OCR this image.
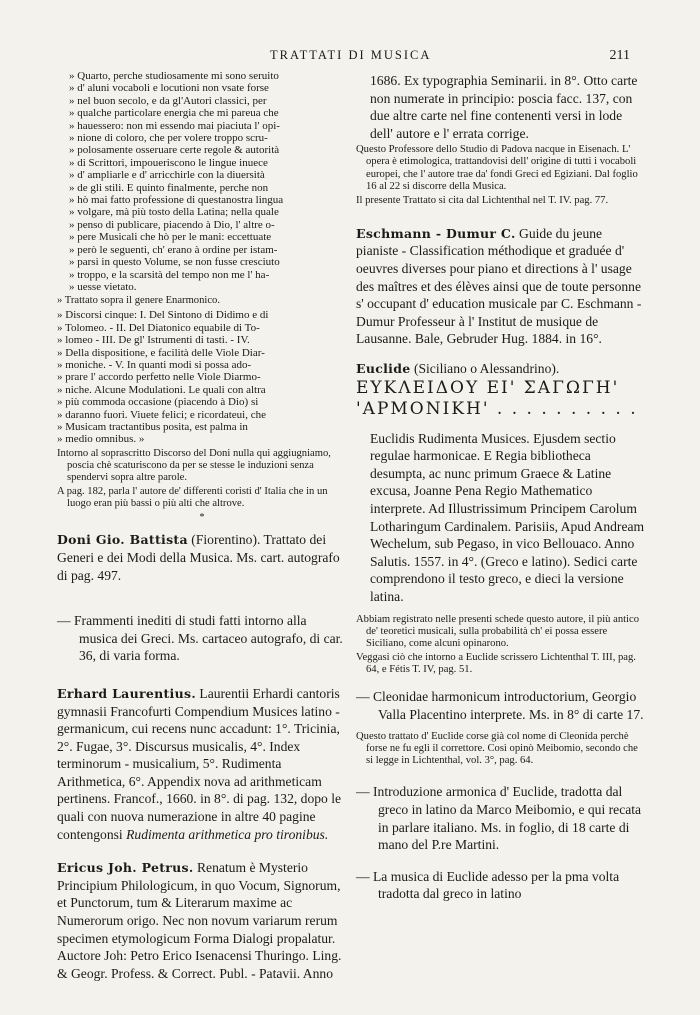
TRATTATI DI MUSICA	211
» Quarto, perche studiosamente mi sono seruito
» d' aluni vocaboli e locutioni non vsate forse
» nel buon secolo, e da gl'Autori classici, per
» qualche particolare energia che mi pareua che
» hauessero: non mi essendo mai piaciuta l' opi-
» nione di coloro, che per volere troppo scru-
» polosamente osseruare certe regole & autorità
» di Scrittori, impoueriscono le lingue inuece
» d' ampliarle e d' arricchirle con la diuersità
» de gli stili. E quinto finalmente, perche non
» hò mai fatto professione di questanostra lingua
» volgare, mà più tosto della Latina; nella quale
» penso di publicare, piacendo à Dio, l' altre o-
» pere Musicali che hò per le mani: eccettuate
» però le seguenti, ch' erano à ordine per istam-
» parsi in questo Volume, se non fusse cresciuto
» troppo, e la scarsità del tempo non me l' ha-
» uesse vietato.
» Trattato sopra il genere Enarmonico.
» Discorsi cinque: I. Del Sintono di Didimo e di
» Tolomeo. - II. Del Diatonico equabile di To-
» lomeo - III. De gl' Istrumenti di tasti. - IV.
» Della dispositione, e facilità delle Viole Diar-
» moniche. - V. In quanti modi si possa ado-
» prare l' accordo perfetto nelle Viole Diarmo-
» niche. Alcune Modulationi. Le quali con altra
» più commoda occasione (piacendo à Dio) si
» daranno fuori. Viuete felici; e ricordateui, che
» Musicam tractantibus posita, est palma in
» medio omnibus. »
Intorno al soprascritto Discorso del Doni nulla qui aggiugniamo, poscia chè scaturiscono da per se stesse le induzioni senza spendervi sopra altre parole.
A pag. 182, parla l' autore de' differenti coristi d' Italia che in un luogo eran più bassi o più alti che altrove.
*
Doni Gio. Battista (Fiorentino). Trattato dei Generi e dei Modi della Musica. Ms. cart. autografo di pag. 497.
— Frammenti inediti di studi fatti intorno alla musica dei Greci. Ms. cartaceo autografo, di car. 36, di varia forma.
Erhard Laurentius. Laurentii Erhardi cantoris gymnasii Francofurti Compendium Musices latino - germanicum, cui recens nunc accadunt: 1°. Tricinia, 2°. Fugae, 3°. Discursus musicalis, 4°. Index terminorum - musicalium, 5°. Rudimenta Arithmetica, 6°. Appendix nova ad arithmeticam pertinens. Francof., 1660. in 8°. di pag. 132, dopo le quali con nuova numerazione in altre 40 pagine contengonsi Rudimenta arithmetica pro tironibus.
Ericus Joh. Petrus. Renatum è Mysterio Principium Philologicum, in quo Vocum, Signorum, et Punctorum, tum & Literarum maxime ac Numerorum origo. Nec non novum variarum rerum specimen etymologicum Forma Dialogi propalatur. Auctore Joh: Petro Erico Isenacensi Thuringo. Ling. & Geogr. Profess. & Correct. Publ. - Patavii. Anno
1686. Ex typographia Seminarii. in 8°. Otto carte non numerate in principio: poscia facc. 137, con due altre carte nel fine contenenti versi in lode dell' autore e l' errata corrige.
Questo Professore dello Studio di Padova nacque in Eisenach. L' opera è etimologica, trattandovisi dell' origine di tutti i vocaboli europei, che l' autore trae da' fondi Greci ed Egiziani. Dal foglio 16 al 22 si discorre della Musica.
Il presente Trattato si cita dal Lichtenthal nel T. IV. pag. 77.
Eschmann - Dumur C. Guide du jeune pianiste - Classification méthodique et graduée d' oeuvres diverses pour piano et directions à l' usage des maîtres et des élèves ainsi que de toute personne s' occupant d' education musicale par C. Eschmann - Dumur Professeur à l' Institut de musique de Lausanne. Bale, Gebruder Hug. 1884. in 16°.
Euclide (Siciliano o Alessandrino).
ΕΥΚΛΕΙΔΟΥ ΕΙ' ΣΑΓΩΓΗ'
'ΑΡΜΟΝΙΚΗ' . . . . . . . . . .
Euclidis Rudimenta Musices. Ejusdem sectio regulae harmonicae. E Regia bibliotheca desumpta, ac nunc primum Graece & Latine excusa, Joanne Pena Regio Mathematico interprete. Ad Illustrissimum Principem Carolum Lotharingum Cardinalem. Parisiis, Apud Andream Wechelum, sub Pegaso, in vico Bellouaco. Anno Salutis. 1557. in 4°. (Greco e latino). Sedici carte comprendono il testo greco, e dieci la versione latina.
Abbiam registrato nelle presenti schede questo autore, il più antico de' teoretici musicali, sulla probabilità ch' ei possa essere Siciliano, come alcuni opinarono.
Veggasi ciò che intorno a Euclide scrissero Lichtenthal T. III, pag. 64, e Fétis T. IV, pag. 51.
— Cleonidae harmonicum introductorium, Georgio Valla Placentino interprete. Ms. in 8° di carte 17.
Questo trattato d' Euclide corse già col nome di Cleonida perchè forse ne fu egli il correttore. Così opinò Meibomio, secondo che si legge in Lichtenthal, vol. 3°, pag. 64.
— Introduzione armonica d' Euclide, tradotta dal greco in latino da Marco Meibomio, e qui recata in parlare italiano. Ms. in foglio, di 18 carte di mano del P.re Martini.
— La musica di Euclide adesso per la pma volta tradotta dal greco in latino
